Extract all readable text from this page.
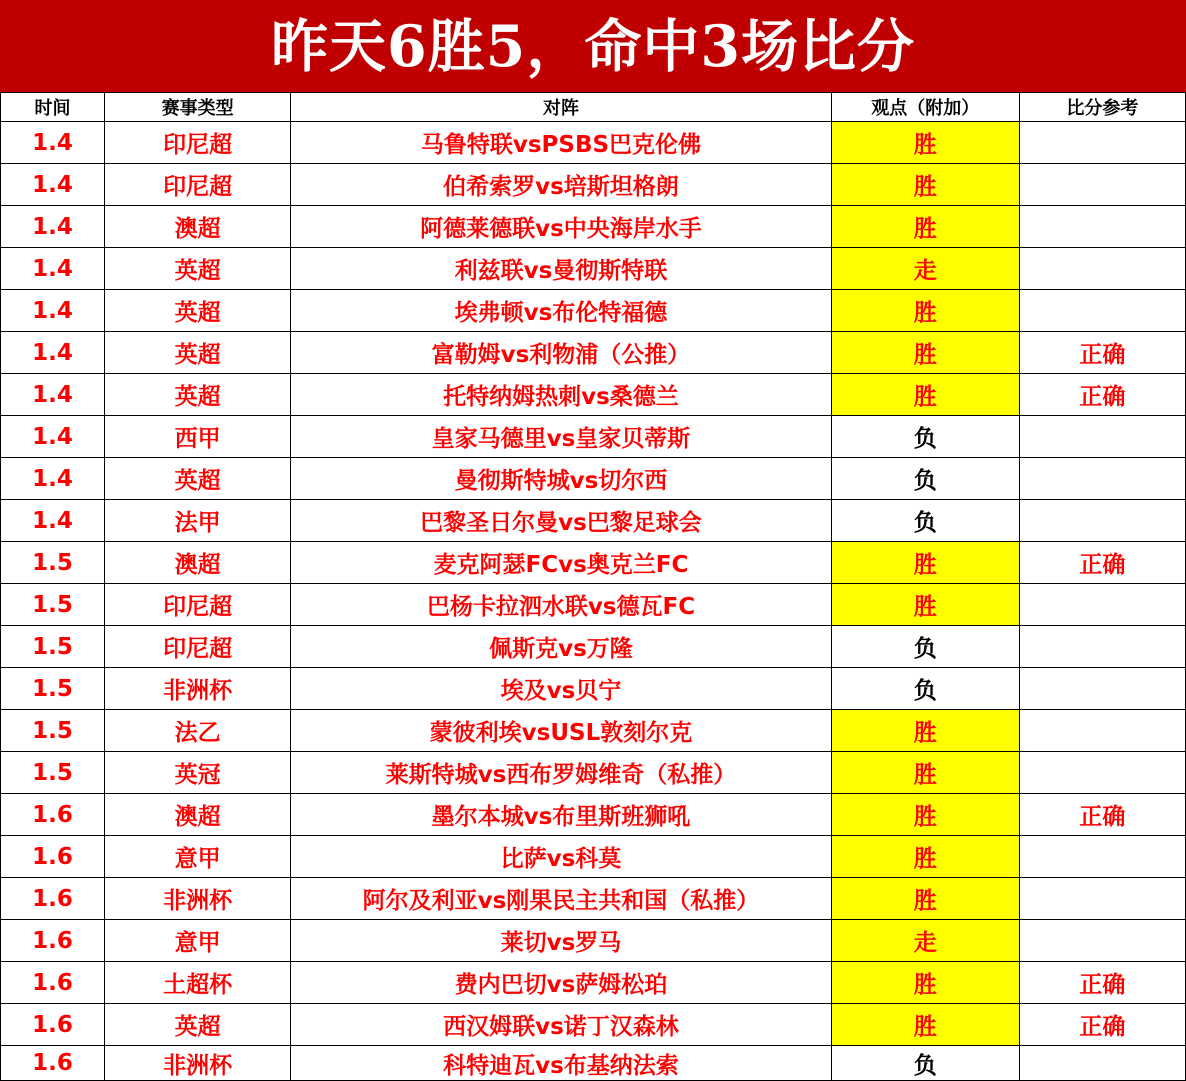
昨天6胜5，命中3场比分
时间	赛事类型	对阵	观点（附加）	比分参考
1.4	印尼超	马鲁特联vsPSBS巴克伦佛	胜	
1.4	印尼超	伯希索罗vs培斯坦格朗	胜	
1.4	澳超	阿德莱德联vs中央海岸水手	胜	
1.4	英超	利兹联vs曼彻斯特联	走	
1.4	英超	埃弗顿vs布伦特福德	胜	
1.4	英超	富勒姆vs利物浦（公推）	胜	正确
1.4	英超	托特纳姆热刺vs桑德兰	胜	正确
1.4	西甲	皇家马德里vs皇家贝蒂斯	负	
1.4	英超	曼彻斯特城vs切尔西	负	
1.4	法甲	巴黎圣日尔曼vs巴黎足球会	负	
1.5	澳超	麦克阿瑟FCvs奥克兰FC	胜	正确
1.5	印尼超	巴杨卡拉泗水联vs德瓦FC	胜	
1.5	印尼超	佩斯克vs万隆	负	
1.5	非洲杯	埃及vs贝宁	负	
1.5	法乙	蒙彼利埃vsUSL敦刻尔克	胜	
1.5	英冠	莱斯特城vs西布罗姆维奇（私推）	胜	
1.6	澳超	墨尔本城vs布里斯班狮吼	胜	正确
1.6	意甲	比萨vs科莫	胜	
1.6	非洲杯	阿尔及利亚vs刚果民主共和国（私推）	胜	
1.6	意甲	莱切vs罗马	走	
1.6	土超杯	费内巴切vs萨姆松珀	胜	正确
1.6	英超	西汉姆联vs诺丁汉森林	胜	正确
1.6	非洲杯	科特迪瓦vs布基纳法索	负	
